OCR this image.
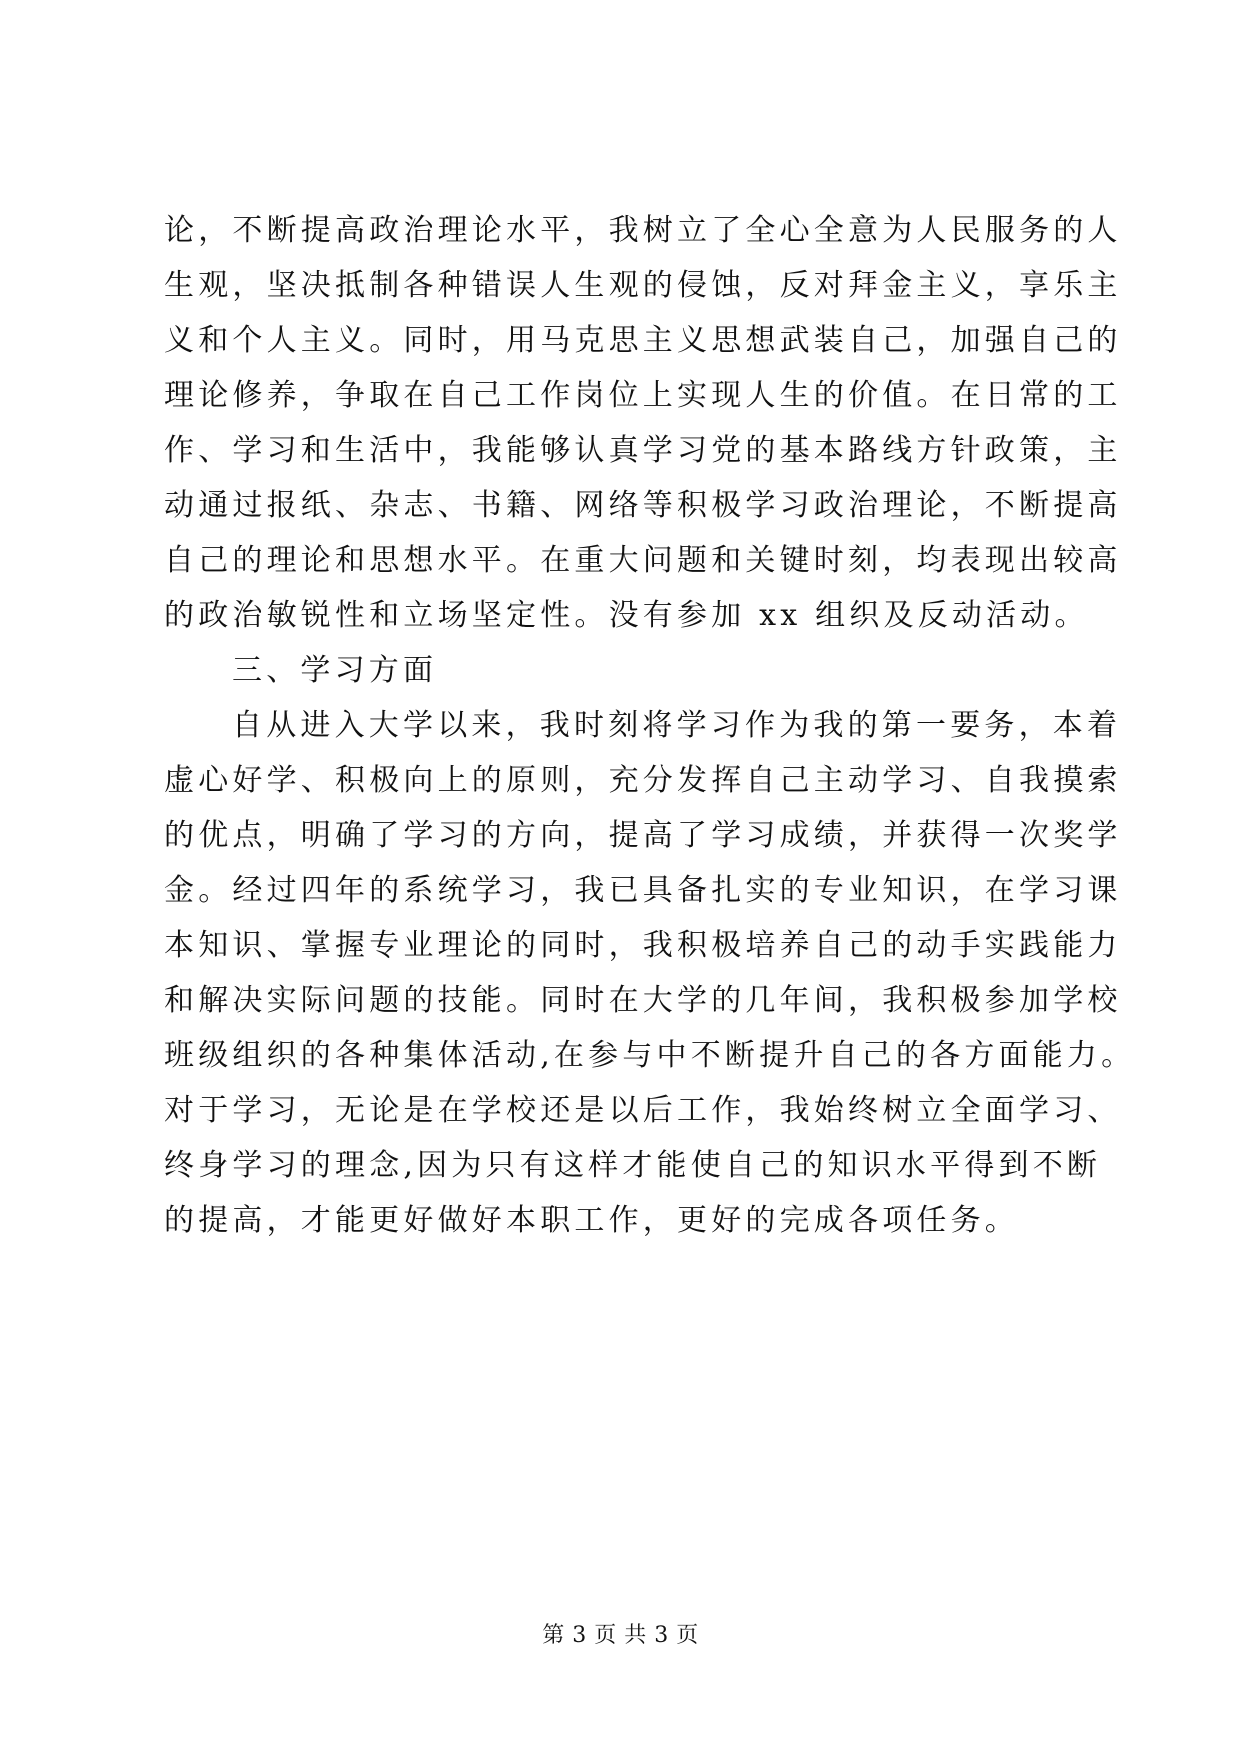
论，不断提高政治理论水平，我树立了全心全意为人民服务的人
生观，坚决抵制各种错误人生观的侵蚀，反对拜金主义，享乐主
义和个人主义。同时，用马克思主义思想武装自己，加强自己的
理论修养，争取在自己工作岗位上实现人生的价值。在日常的工
作、学习和生活中，我能够认真学习党的基本路线方针政策，主
动通过报纸、杂志、书籍、网络等积极学习政治理论，不断提高
自己的理论和思想水平。在重大问题和关键时刻，均表现出较高
的政治敏锐性和立场坚定性。没有参加 xx 组织及反动活动。
三、学习方面
自从进入大学以来，我时刻将学习作为我的第一要务，本着
虚心好学、积极向上的原则，充分发挥自己主动学习、自我摸索
的优点，明确了学习的方向，提高了学习成绩，并获得一次奖学
金。经过四年的系统学习，我已具备扎实的专业知识，在学习课
本知识、掌握专业理论的同时，我积极培养自己的动手实践能力
和解决实际问题的技能。同时在大学的几年间，我积极参加学校
班级组织的各种集体活动,在参与中不断提升自己的各方面能力。
对于学习，无论是在学校还是以后工作，我始终树立全面学习、
终身学习的理念,因为只有这样才能使自己的知识水平得到不断
的提高，才能更好做好本职工作，更好的完成各项任务。
第 3 页 共 3 页
